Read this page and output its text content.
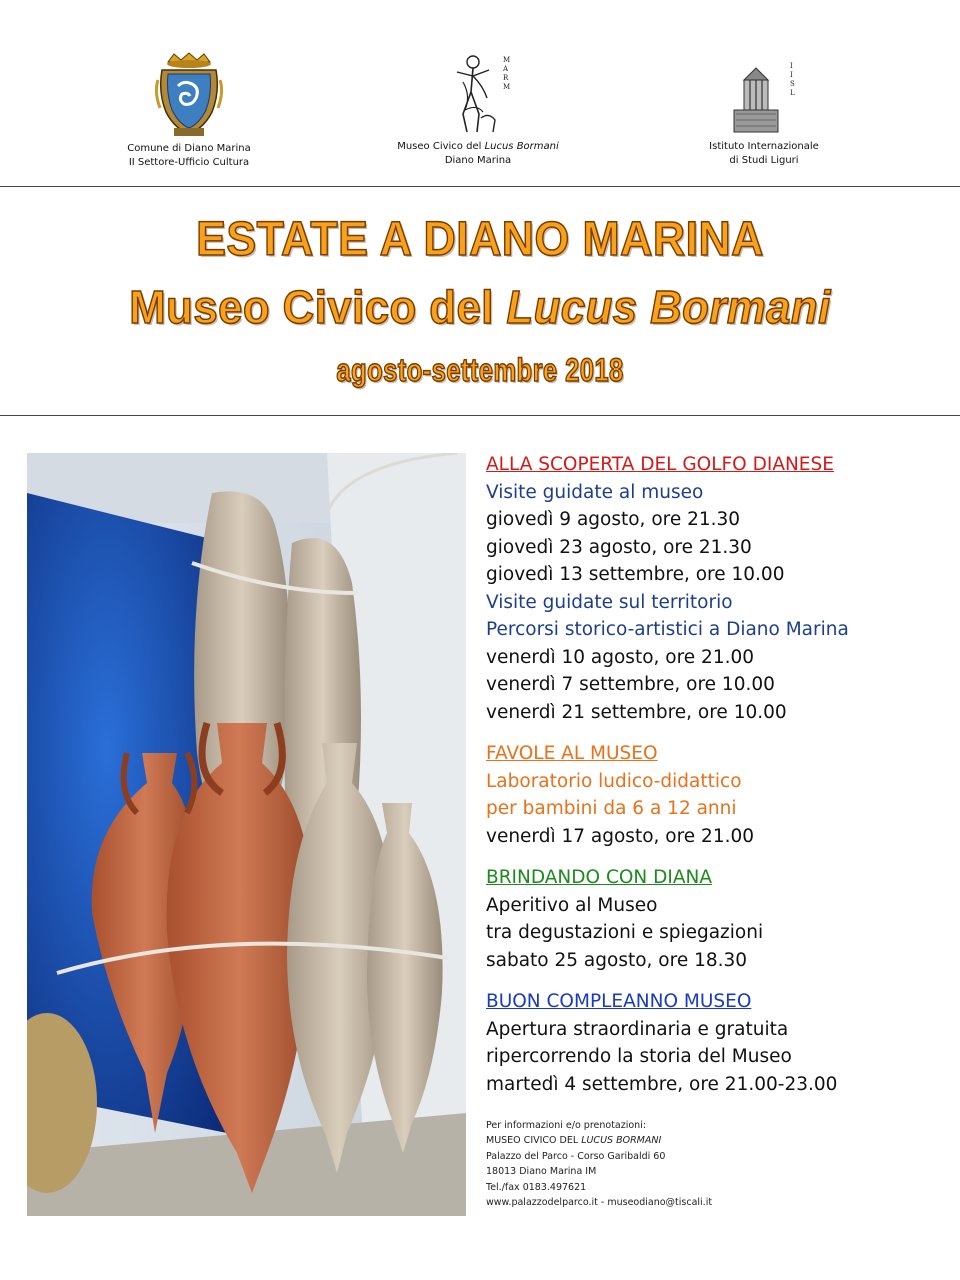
Comune di Diano Marina
II Settore-Ufficio Cultura
M A R M
Museo Civico del Lucus Bormani
Diano Marina
I I S L
Istituto Internazionale
di Studi Liguri
ESTATE A DIANO MARINA
Museo Civico del Lucus Bormani
agosto-settembre 2018
ALLA SCOPERTA DEL GOLFO DIANESE
Visite guidate al museo
giovedì 9 agosto, ore 21.30
giovedì 23 agosto, ore 21.30
giovedì 13 settembre, ore 10.00
Visite guidate sul territorio
Percorsi storico-artistici a Diano Marina
venerdì 10 agosto, ore 21.00
venerdì 7 settembre, ore 10.00
venerdì 21 settembre, ore 10.00
FAVOLE AL MUSEO
Laboratorio ludico-didattico
per bambini da 6 a 12 anni
venerdì 17 agosto, ore 21.00
BRINDANDO CON DIANA
Aperitivo al Museo
tra degustazioni e spiegazioni
sabato 25 agosto, ore 18.30
BUON COMPLEANNO MUSEO
Apertura straordinaria e gratuita
ripercorrendo la storia del Museo
martedì 4 settembre, ore 21.00-23.00
Per informazioni e/o prenotazioni:
MUSEO CIVICO DEL LUCUS BORMANI
Palazzo del Parco - Corso Garibaldi 60
18013 Diano Marina IM
Tel./fax 0183.497621
www.palazzodelparco.it - museodiano@tiscali.it
